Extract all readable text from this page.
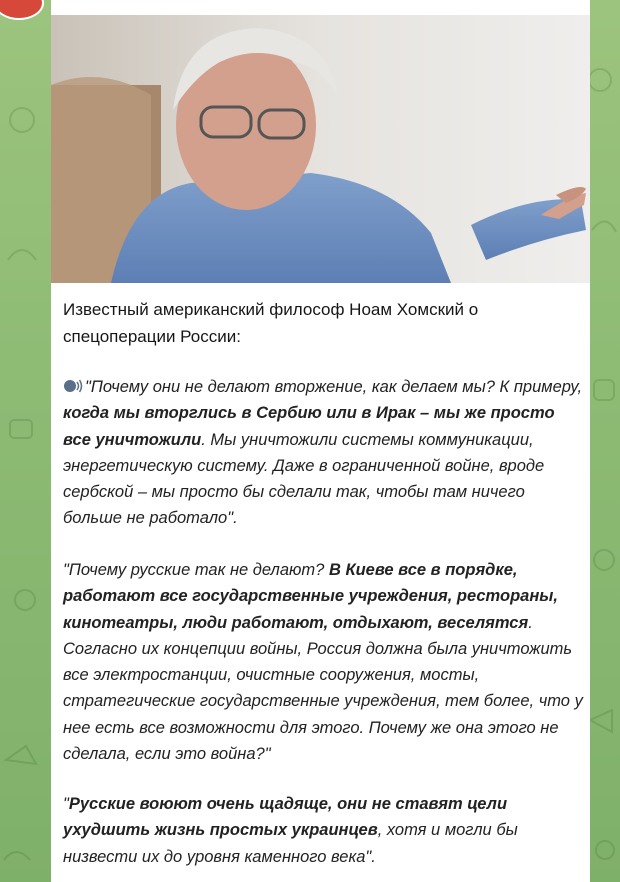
Известный американский философ Ноам Хомский о
спецоперации России:
"Почему они не делают вторжение, как делаем мы? К примеру, когда мы вторглись в Сербию или в Ирак – мы же просто все уничтожили. Мы уничтожили системы коммуникации, энергетическую систему. Даже в ограниченной войне, вроде сербской – мы просто бы сделали так, чтобы там ничего больше не работало".
"Почему русские так не делают? В Киеве все в порядке, работают все государственные учреждения, рестораны, кинотеатры, люди работают, отдыхают, веселятся. Согласно их концепции войны, Россия должна была уничтожить все электростанции, очистные сооружения, мосты, стратегические государственные учреждения, тем более, что у нее есть все возможности для этого. Почему же она этого не сделала, если это война?"
"Русские воюют очень щадяще, они не ставят цели ухудшить жизнь простых украинцев, хотя и могли бы низвести их до уровня каменного века".
